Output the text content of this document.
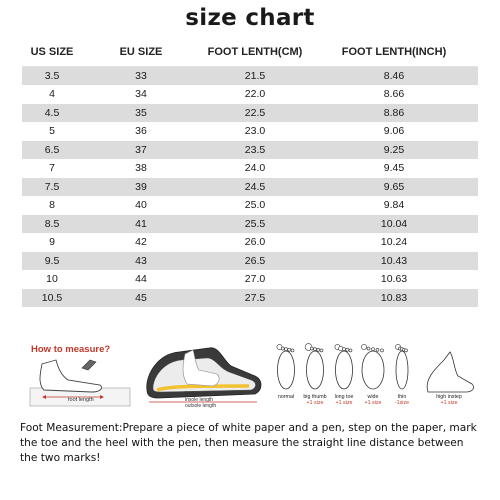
size chart
US SIZE	EU SIZE	FOOT LENTH(CM)	FOOT LENTH(INCH)
3.5	33	21.5	8.46
4	34	22.0	8.66
4.5	35	22.5	8.86
5	36	23.0	9.06
6.5	37	23.5	9.25
7	38	24.0	9.45
7.5	39	24.5	9.65
8	40	25.0	9.84
8.5	41	25.5	10.04
9	42	26.0	10.24
9.5	43	26.5	10.43
10	44	27.0	10.63
10.5	45	27.5	10.83
How to measure?
foot length
foot length
insole length
outsole length
normal	big thumb
+1 size
long toe
+1 size
wide
+1 size
thin
-1size
high instep
+1 size
Foot Measurement:Prepare a piece of white paper and a pen, step on the paper, mark the toe and the heel with the pen, then measure the straight line distance between the two marks!
